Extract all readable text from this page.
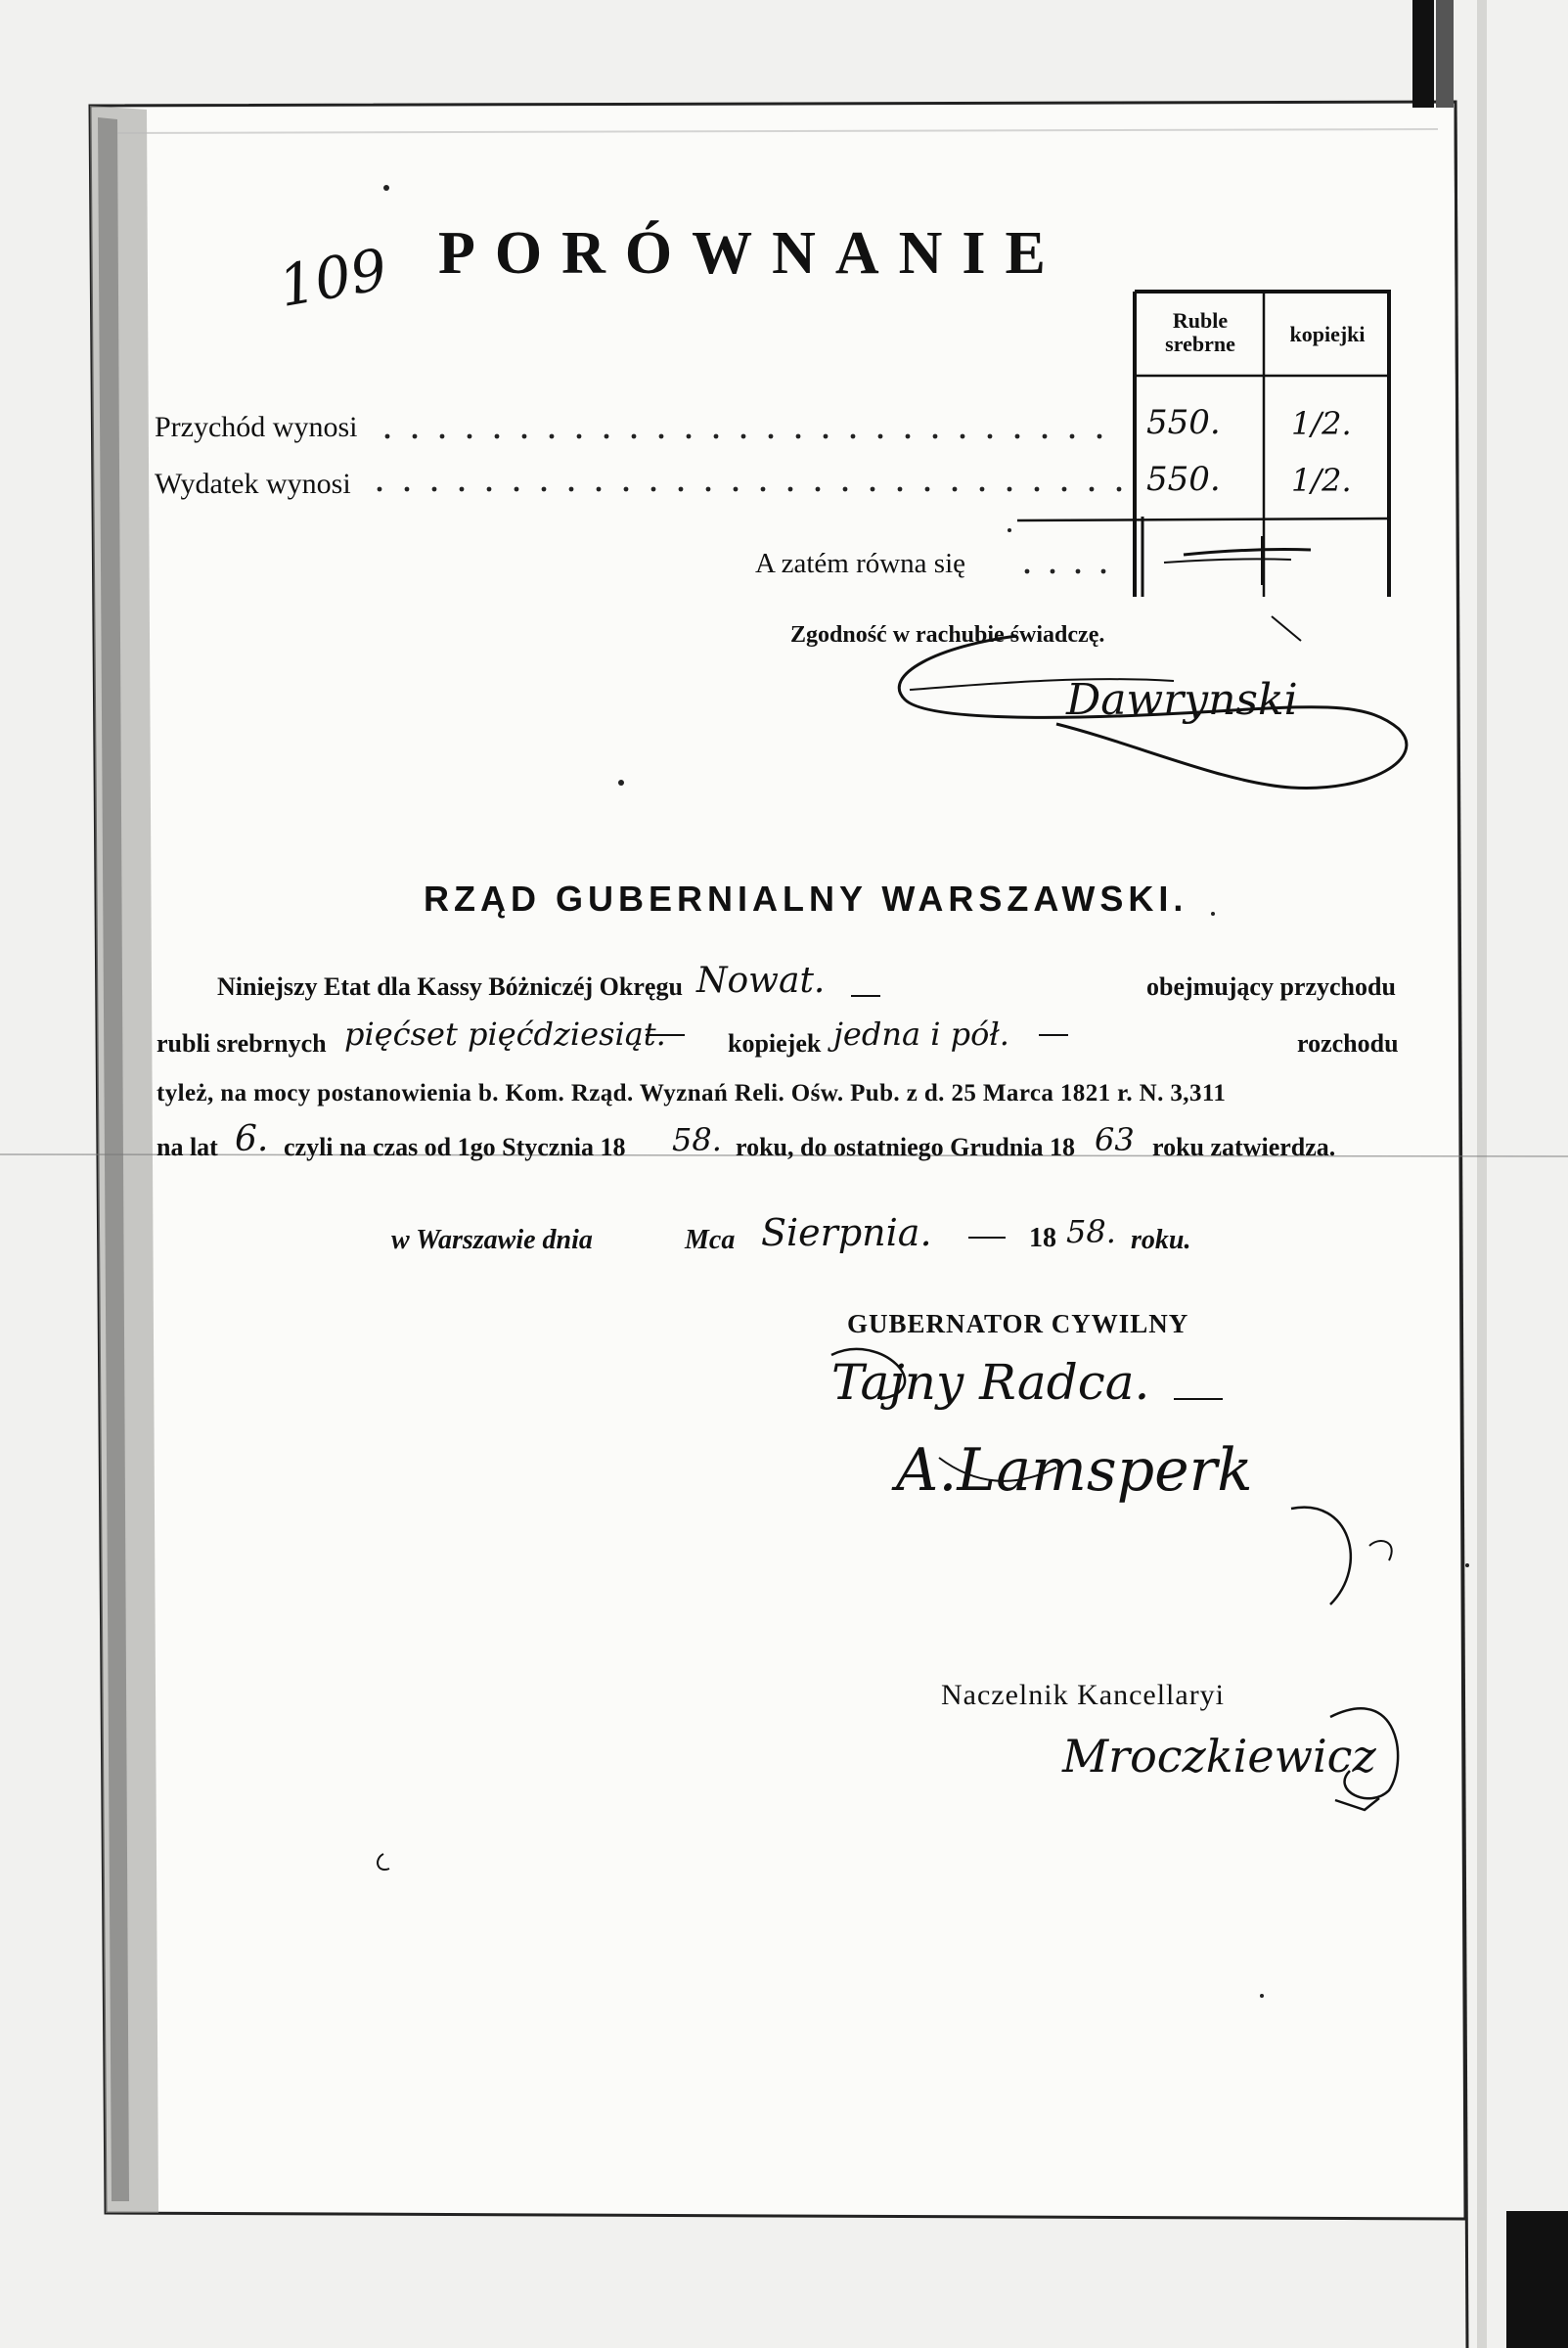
109 PORÓWNANIE
Ruble srebrne	kopiejki
Przychód wynosi	550. 1/2.
Wydatek wynosi	550. 1/2.
A zatém równa się
Zgodność w rachubie świadczę.
Dawrynski
RZĄD GUBERNIALNY WARSZAWSKI.
Niniejszy Etat dla Kassy Bóżniczéj Okręgu Nowat.	obejmujący przychodu
rubli srebrnych pięćset pięćdziesiąt. kopiejek jedna i pół.	rozchodu
tyleż, na mocy postanowienia b. Kom. Rząd. Wyznań Reli. Ośw. Pub. z d. 25 Marca 1821 r. N. 3,311
na lat 6. czyli na czas od 1go Stycznia 18 58. roku, do ostatniego Grudnia 18 63 roku zatwierdza.
w Warszawie dnia	Mca Sierpnia.	18 58. roku.
GUBERNATOR CYWILNY
Tajny Radca.
A.Lamsperk
Naczelnik Kancellaryi
Mroczkiewicz
